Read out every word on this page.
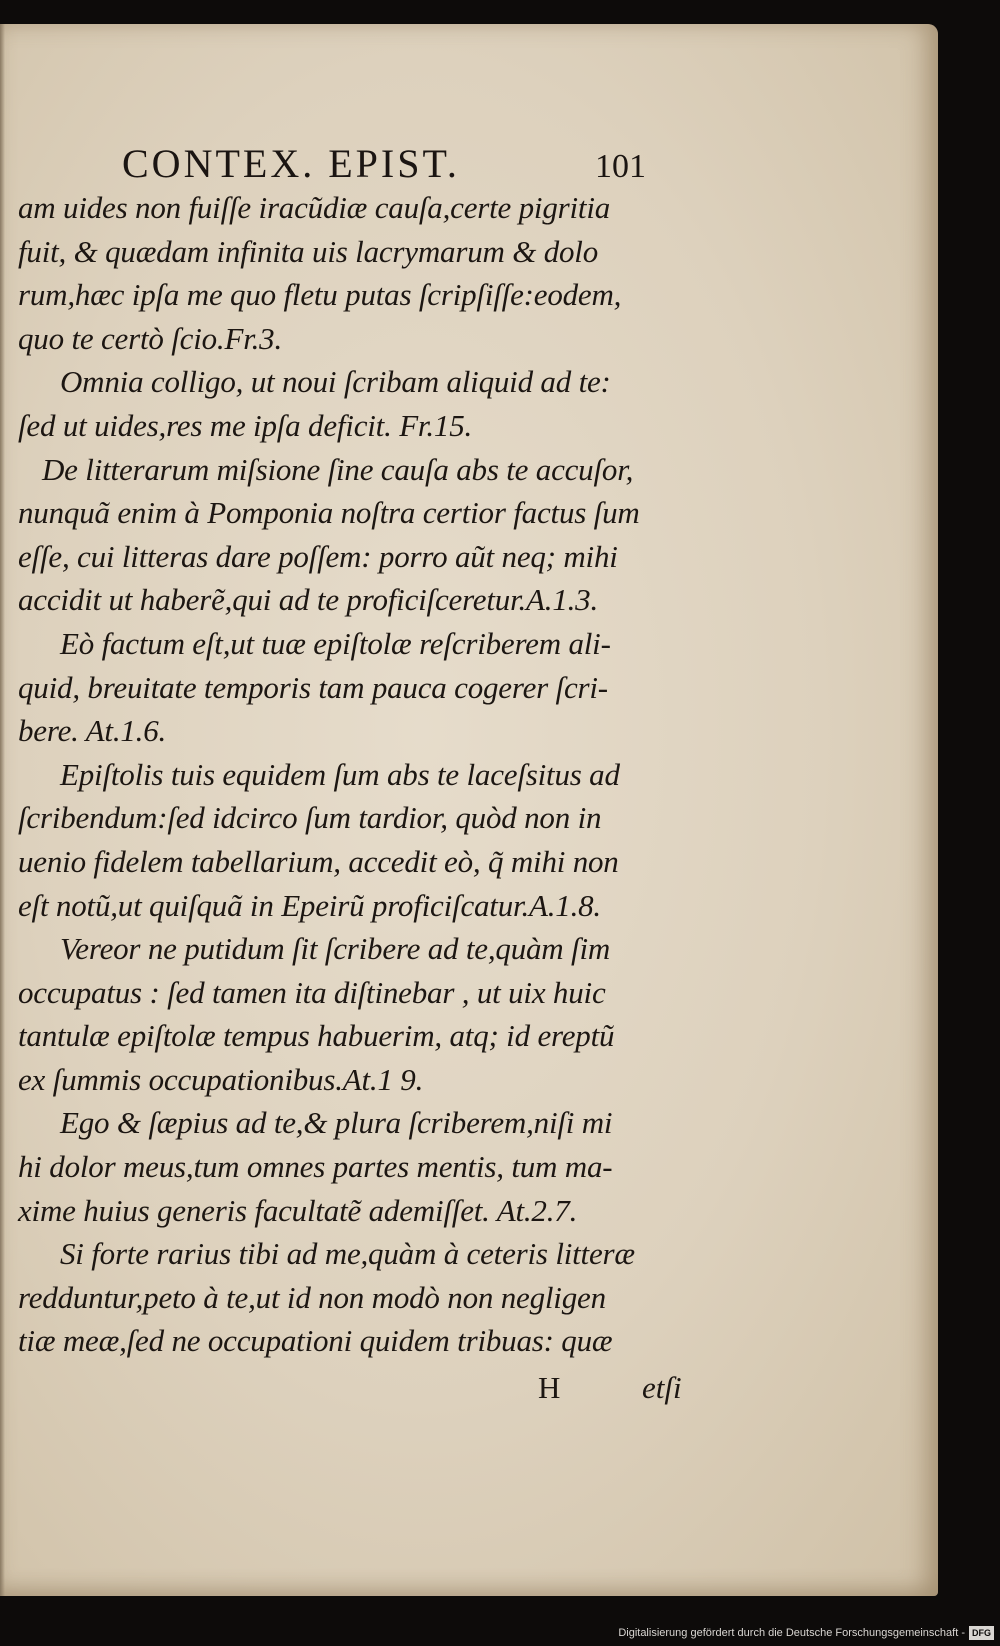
CONTEX. EPIST.	101
am uides non fuiſſe iracũdiæ cauſa,certe pigritia
fuit, & quædam infinita uis lacrymarum & dolo
rum,hæc ipſa me quo fletu putas ſcripſiſſe:eodem,
quo te certò ſcio.Fr.3.
Omnia colligo, ut noui ſcribam aliquid ad te:
ſed ut uides,res me ipſa deficit. Fr.15.
De litterarum miſsione ſine cauſa abs te accuſor,
nunquã enim à Pomponia noſtra certior factus ſum
eſſe, cui litteras dare poſſem: porro aũt neq; mihi
accidit ut haberẽ,qui ad te proficiſceretur.A.1.3.
Eò factum eſt,ut tuæ epiſtolæ reſcriberem ali-
quid, breuitate temporis tam pauca cogerer ſcri-
bere. At.1.6.
Epiſtolis tuis equidem ſum abs te laceſsitus ad
ſcribendum:ſed idcirco ſum tardior, quòd non in
uenio fidelem tabellarium, accedit eò, q̃ mihi non
eſt notũ,ut quiſquã in Epeirũ proficiſcatur.A.1.8.
Vereor ne putidum ſit ſcribere ad te,quàm ſim
occupatus : ſed tamen ita diſtinebar , ut uix huic
tantulæ epiſtolæ tempus habuerim, atq; id ereptũ
ex ſummis occupationibus.At.1 9.
Ego & ſæpius ad te,& plura ſcriberem,niſi mi
hi dolor meus,tum omnes partes mentis, tum ma-
xime huius generis facultatẽ ademiſſet. At.2.7.
Si forte rarius tibi ad me,quàm à ceteris litteræ
redduntur,peto à te,ut id non modò non negligen
tiæ meæ,ſed ne occupationi quidem tribuas: quæ
H	etſi
Digitalisierung gefördert durch die Deutsche Forschungsgemeinschaft - DFG
